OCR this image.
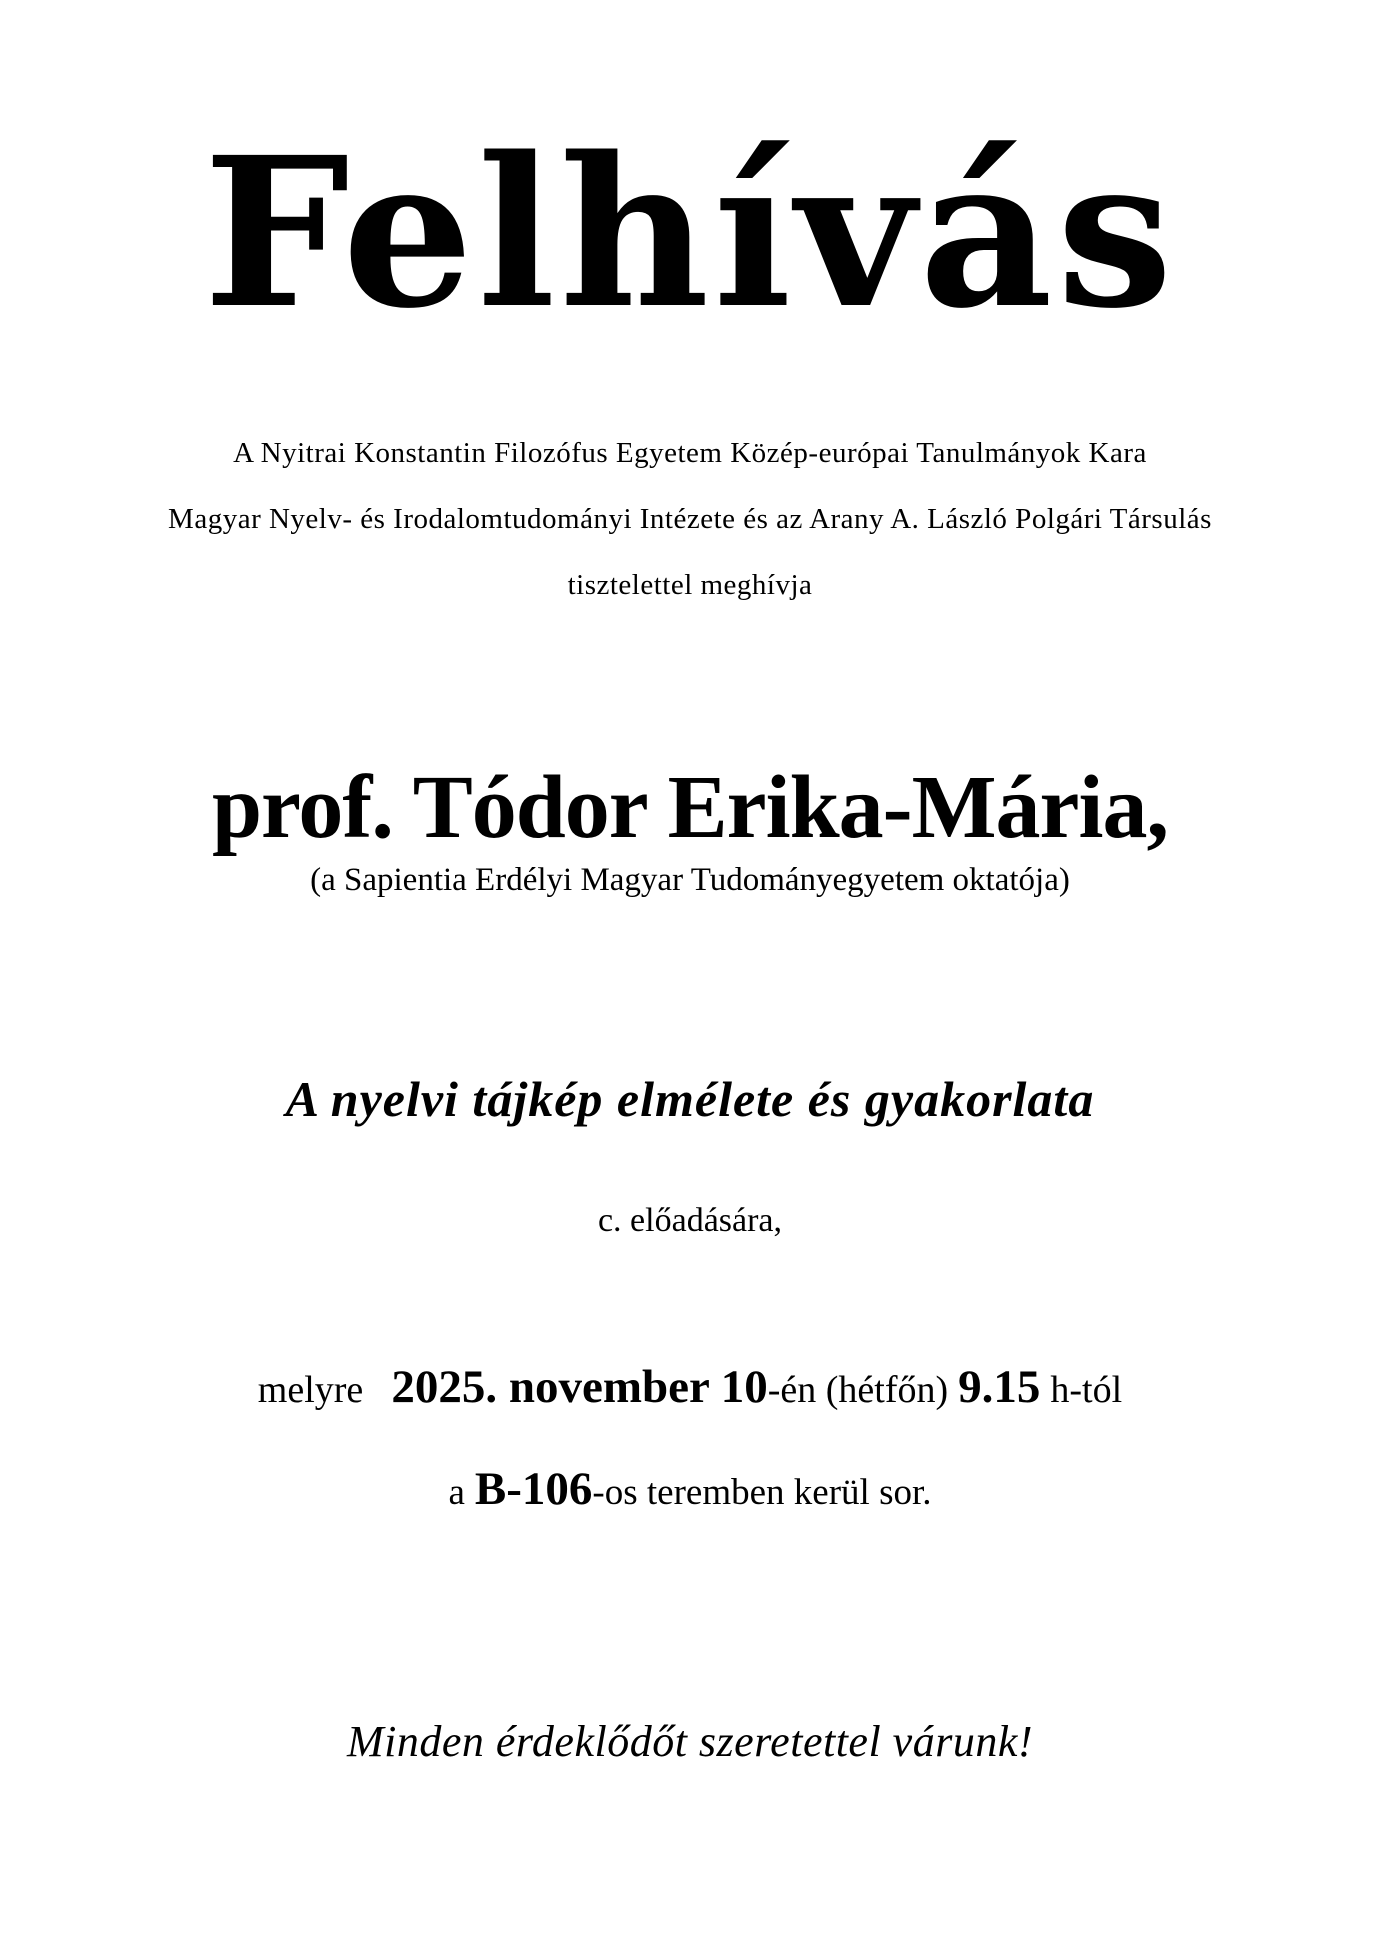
Felhívás
A Nyitrai Konstantin Filozófus Egyetem Közép-európai Tanulmányok Kara
Magyar Nyelv- és Irodalomtudományi Intézete és az Arany A. László Polgári Társulás
tisztelettel meghívja
prof. Tódor Erika-Mária,
(a Sapientia Erdélyi Magyar Tudományegyetem oktatója)
A nyelvi tájkép elmélete és gyakorlata
c. előadására,
melyre 2025. november 10-én (hétfőn) 9.15 h-tól
a B-106-os teremben kerül sor.
Minden érdeklődőt szeretettel várunk!
